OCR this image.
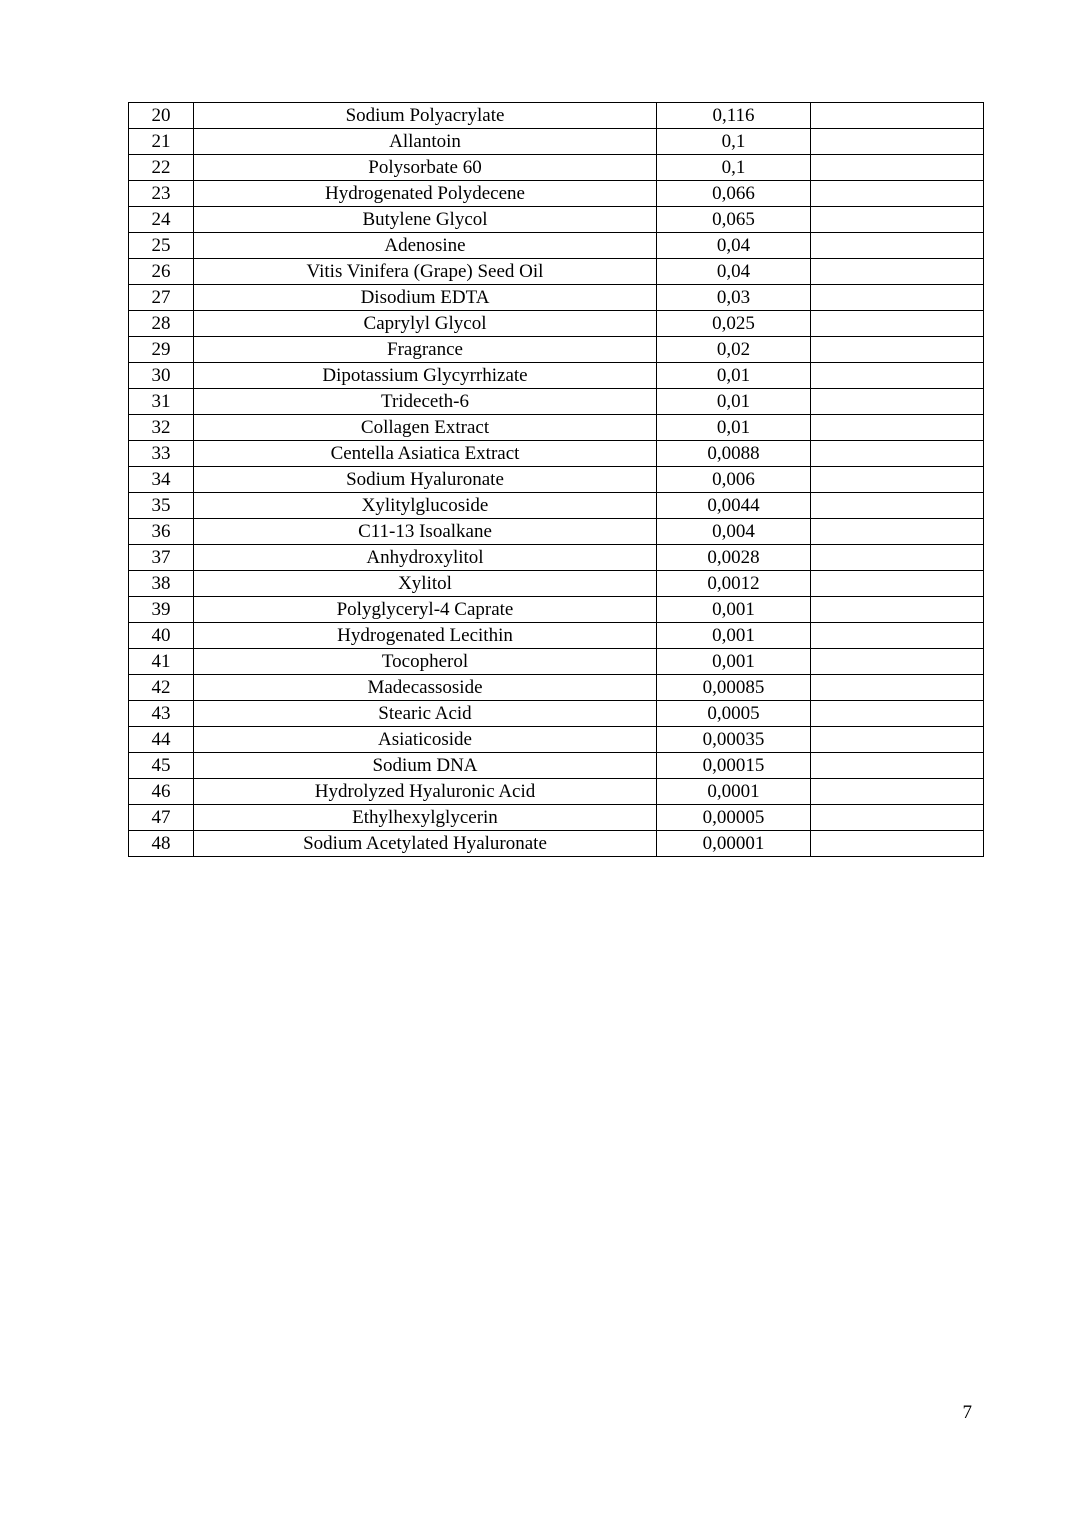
20	Sodium Polyacrylate	0,116	
21	Allantoin	0,1	
22	Polysorbate 60	0,1	
23	Hydrogenated Polydecene	0,066	
24	Butylene Glycol	0,065	
25	Adenosine	0,04	
26	Vitis Vinifera (Grape) Seed Oil	0,04	
27	Disodium EDTA	0,03	
28	Caprylyl Glycol	0,025	
29	Fragrance	0,02	
30	Dipotassium Glycyrrhizate	0,01	
31	Trideceth-6	0,01	
32	Collagen Extract	0,01	
33	Centella Asiatica Extract	0,0088	
34	Sodium Hyaluronate	0,006	
35	Xylitylglucoside	0,0044	
36	C11-13 Isoalkane	0,004	
37	Anhydroxylitol	0,0028	
38	Xylitol	0,0012	
39	Polyglyceryl-4 Caprate	0,001	
40	Hydrogenated Lecithin	0,001	
41	Tocopherol	0,001	
42	Madecassoside	0,00085	
43	Stearic Acid	0,0005	
44	Asiaticoside	0,00035	
45	Sodium DNA	0,00015	
46	Hydrolyzed Hyaluronic Acid	0,0001	
47	Ethylhexylglycerin	0,00005	
48	Sodium Acetylated Hyaluronate	0,00001	
7
